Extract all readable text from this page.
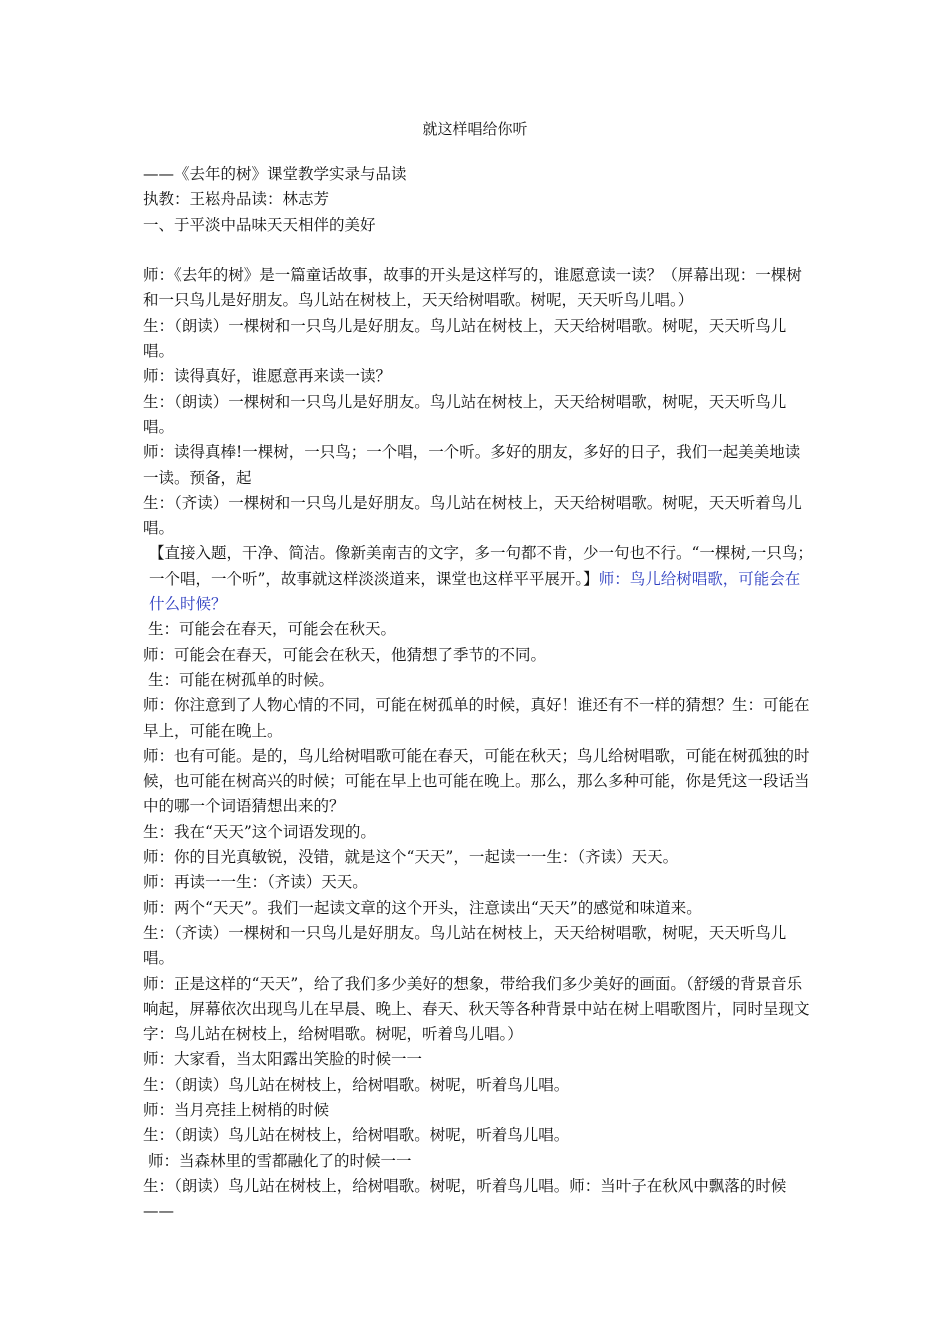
就这样唱给你听

——《去年的树》课堂教学实录与品读

执教：王崧舟品读：林志芳

一、于平淡中品味天天相伴的美好

师：《去年的树》是一篇童话故事，故事的开头是这样写的，谁愿意读一读？（屏幕出现：一棵树和一只鸟儿是好朋友。鸟儿站在树枝上，天天给树唱歌。树呢，天天听鸟儿唱。）

生：（朗读）一棵树和一只鸟儿是好朋友。鸟儿站在树枝上，天天给树唱歌。树呢，天天听鸟儿唱。

师：读得真好，谁愿意再来读一读？

生：（朗读）一棵树和一只鸟儿是好朋友。鸟儿站在树枝上，天天给树唱歌，树呢，天天听鸟儿唱。

师：读得真棒!一棵树，一只鸟；一个唱，一个听。多好的朋友，多好的日子，我们一起美美地读一读。预备，起

生：（齐读）一棵树和一只鸟儿是好朋友。鸟儿站在树枝上，天天给树唱歌。树呢，天天听着鸟儿唱。

【直接入题，干净、简洁。像新美南吉的文字，多一句都不肯，少一句也不行。“一棵树,一只鸟；一个唱，一个听”，故事就这样淡淡道来，课堂也这样平平展开。】师：鸟儿给树唱歌，可能会在什么时候？

生：可能会在春天，可能会在秋天。

师：可能会在春天，可能会在秋天，他猜想了季节的不同。

生：可能在树孤单的时候。

师：你注意到了人物心情的不同，可能在树孤单的时候，真好！谁还有不一样的猜想？生：可能在早上，可能在晚上。

师：也有可能。是的，鸟儿给树唱歌可能在春天，可能在秋天；鸟儿给树唱歌，可能在树孤独的时候，也可能在树高兴的时候；可能在早上也可能在晚上。那么，那么多种可能，你是凭这一段话当中的哪一个词语猜想出来的？

生：我在“天天”这个词语发现的。

师：你的目光真敏锐，没错，就是这个“天天”，一起读一一生：（齐读）天天。

师：再读一一生：（齐读）天天。

师：两个“天天”。我们一起读文章的这个开头，注意读出“天天”的感觉和味道来。

生：（齐读）一棵树和一只鸟儿是好朋友。鸟儿站在树枝上，天天给树唱歌，树呢，天天听鸟儿唱。

师：正是这样的“天天”，给了我们多少美好的想象，带给我们多少美好的画面。（舒缓的背景音乐响起，屏幕依次出现鸟儿在早晨、晚上、春天、秋天等各种背景中站在树上唱歌图片，同时呈现文字：鸟儿站在树枝上，给树唱歌。树呢，听着鸟儿唱。）

师：大家看，当太阳露出笑脸的时候一一

生：（朗读）鸟儿站在树枝上，给树唱歌。树呢，听着鸟儿唱。

师：当月亮挂上树梢的时候

生：（朗读）鸟儿站在树枝上，给树唱歌。树呢，听着鸟儿唱。

师：当森林里的雪都融化了的时候一一

生：（朗读）鸟儿站在树枝上，给树唱歌。树呢，听着鸟儿唱。师：当叶子在秋风中飘落的时候——
